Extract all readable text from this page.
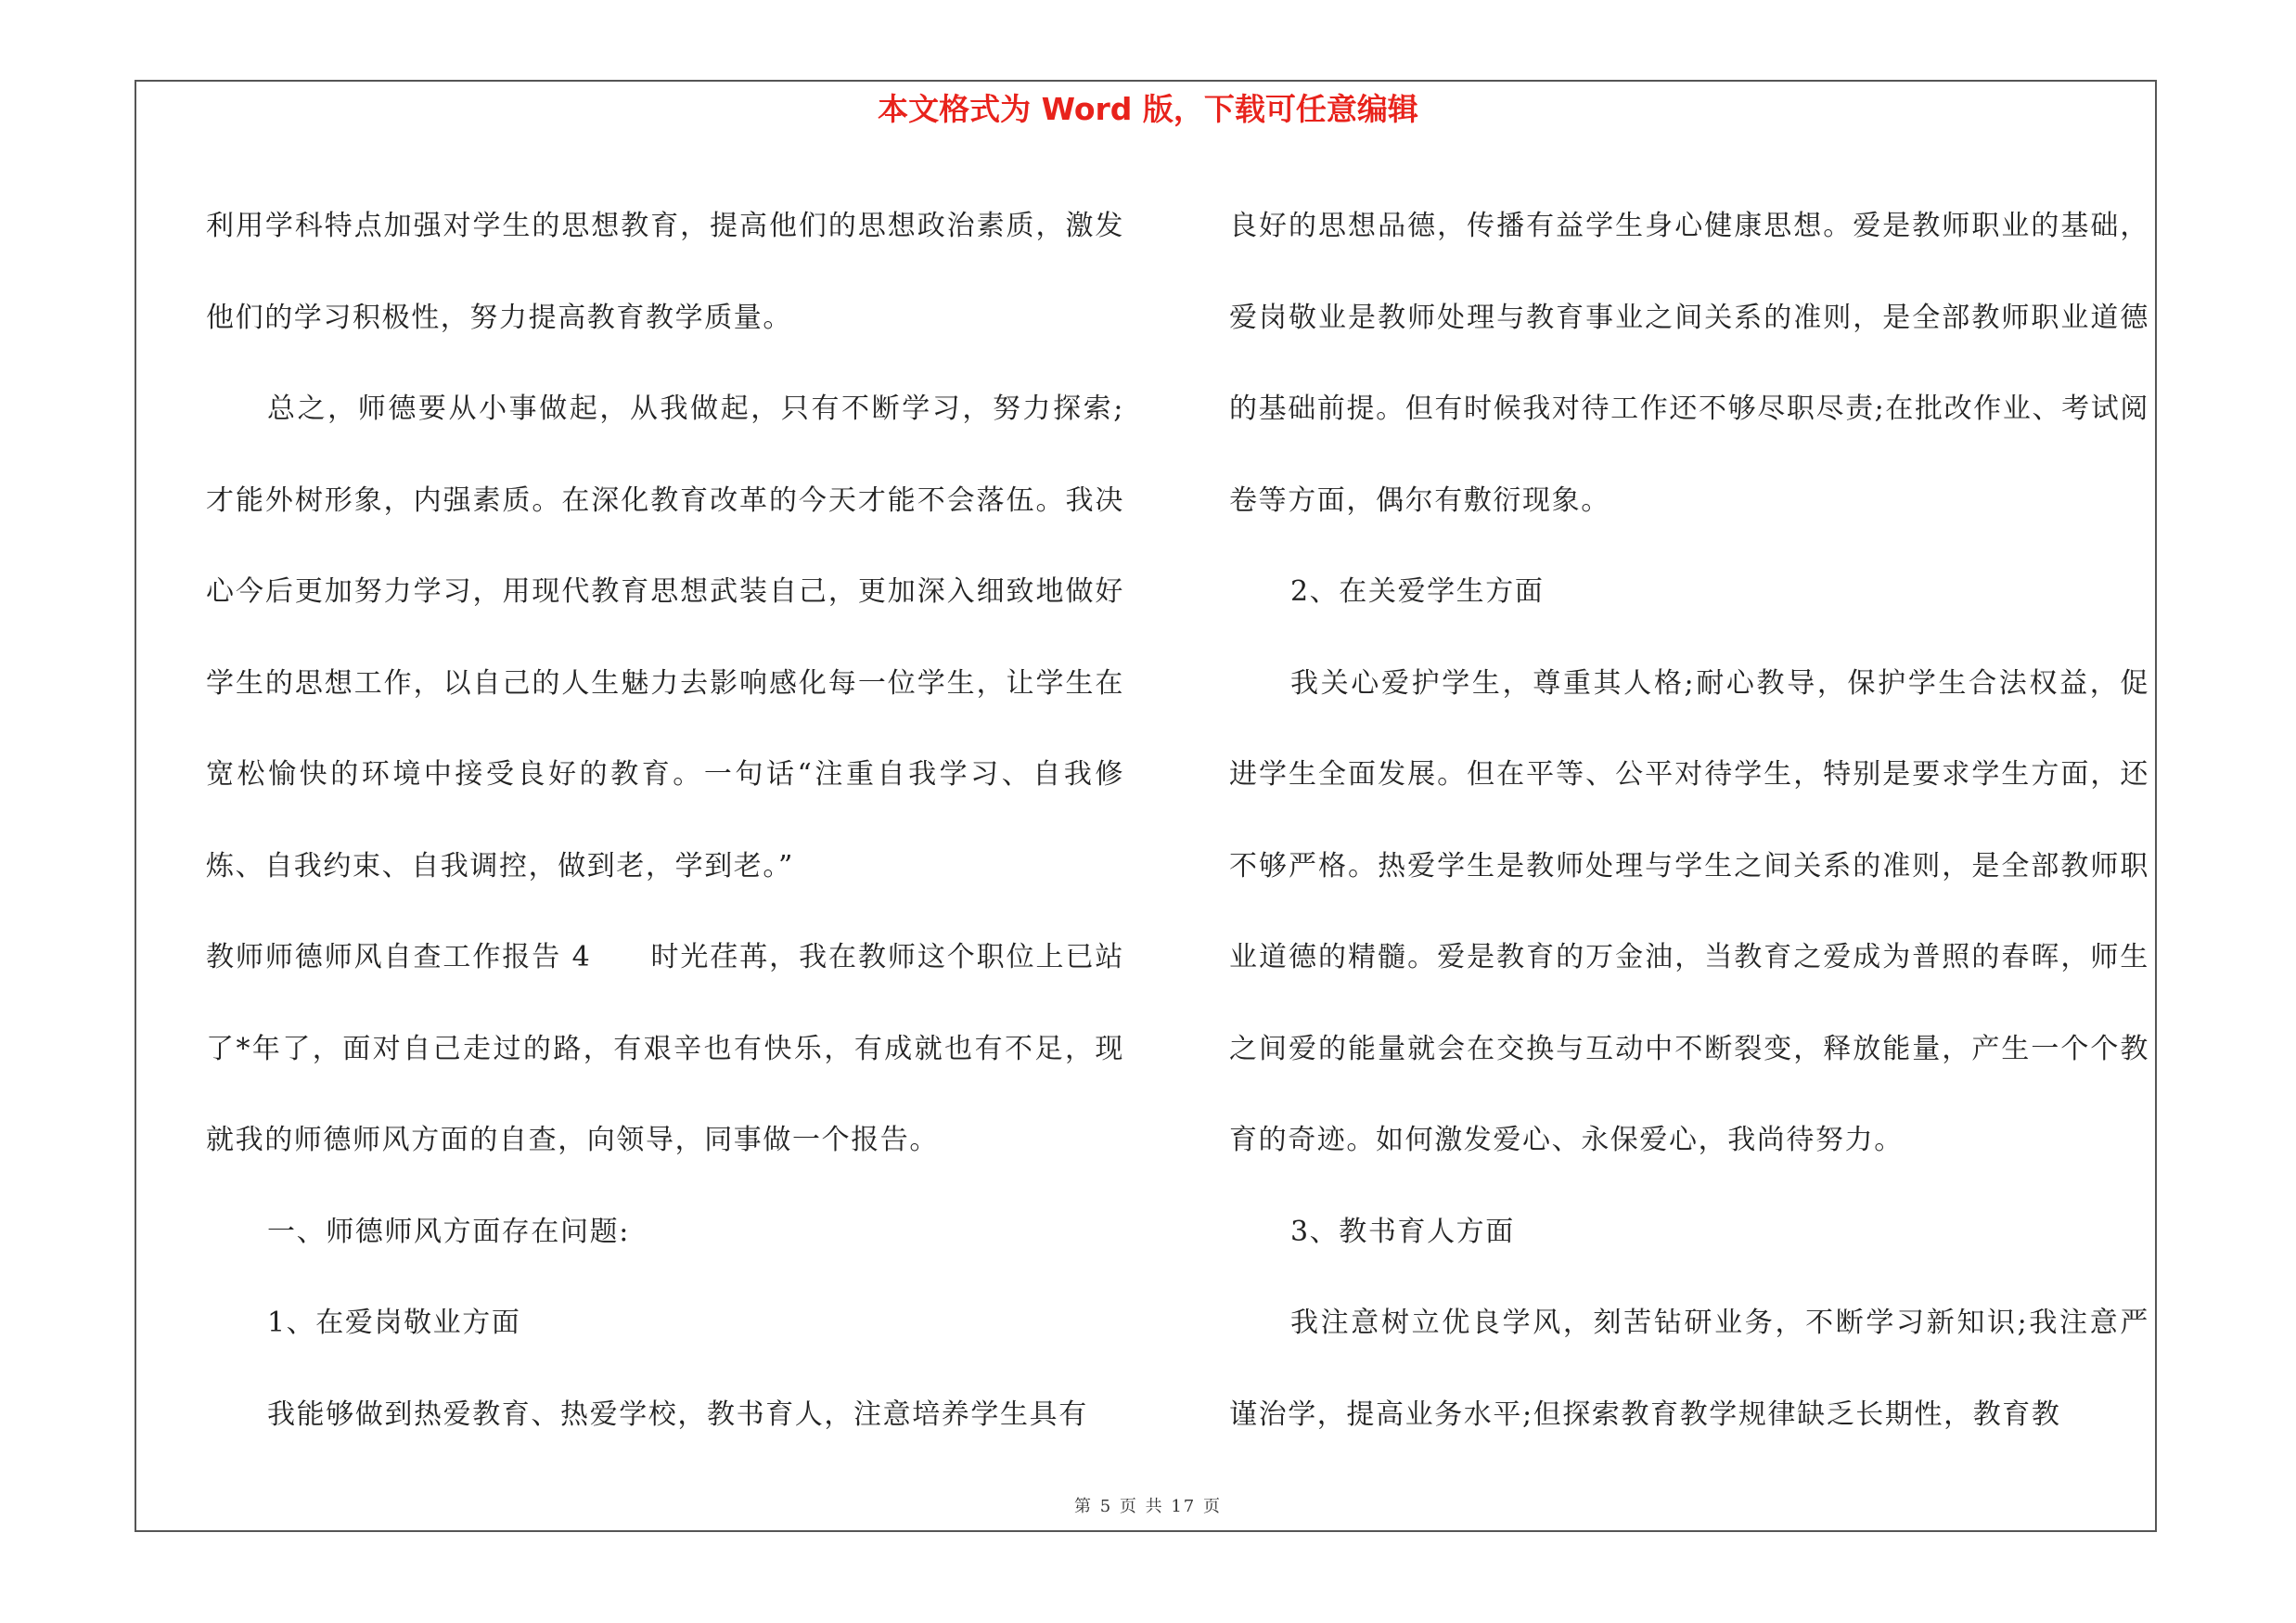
本文格式为 Word 版，下载可任意编辑

利用学科特点加强对学生的思想教育，提高他们的思想政治素质，激发他们的学习积极性，努力提高教育教学质量。

总之，师德要从小事做起，从我做起，只有不断学习，努力探索;才能外树形象，内强素质。在深化教育改革的今天才能不会落伍。我决心今后更加努力学习，用现代教育思想武装自己，更加深入细致地做好学生的思想工作，以自己的人生魅力去影响感化每一位学生，让学生在宽松愉快的环境中接受良好的教育。一句话“注重自我学习、自我修炼、自我约束、自我调控，做到老，学到老。”

教师师德师风自查工作报告 4　　时光荏苒，我在教师这个职位上已站了*年了，面对自己走过的路，有艰辛也有快乐，有成就也有不足，现就我的师德师风方面的自查，向领导，同事做一个报告。

一、师德师风方面存在问题:

1、在爱岗敬业方面

我能够做到热爱教育、热爱学校，教书育人，注意培养学生具有

良好的思想品德，传播有益学生身心健康思想。爱是教师职业的基础，爱岗敬业是教师处理与教育事业之间关系的准则，是全部教师职业道德的基础前提。但有时候我对待工作还不够尽职尽责;在批改作业、考试阅卷等方面，偶尔有敷衍现象。

2、在关爱学生方面

我关心爱护学生，尊重其人格;耐心教导，保护学生合法权益，促进学生全面发展。但在平等、公平对待学生，特别是要求学生方面，还不够严格。热爱学生是教师处理与学生之间关系的准则，是全部教师职业道德的精髓。爱是教育的万金油，当教育之爱成为普照的春晖，师生之间爱的能量就会在交换与互动中不断裂变，释放能量，产生一个个教育的奇迹。如何激发爱心、永保爱心，我尚待努力。

3、教书育人方面

我注意树立优良学风，刻苦钻研业务，不断学习新知识;我注意严谨治学，提高业务水平;但探索教育教学规律缺乏长期性，教育教

第 5 页 共 17 页
